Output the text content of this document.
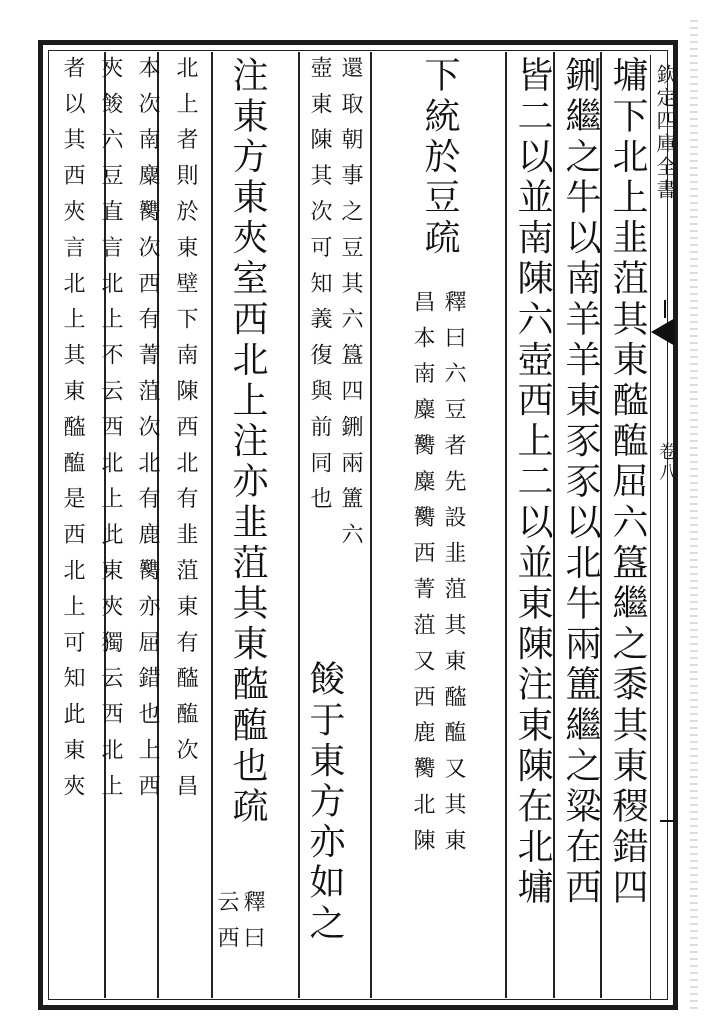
墉下北上韭菹其東醓醢屈六簋繼之黍其東稷錯四
鉶繼之牛以南羊羊東豕豕以北牛兩簠繼之粱在西
皆二以並南陳六壺西上二以並東陳注東陳在北墉
下統於豆疏
釋曰六豆者先設韭菹其東醓醢又其東
昌本南麋臡麋臡西菁菹又西鹿臡北陳
還取朝事之豆其六簋四鉶兩簠六
壺東陳其次可知義復與前同也
餕于東方亦如之
注東方東夾室西北上注亦韭菹其東醓醢也疏
釋曰
云西
北上者則於東壁下南陳西北有韭菹東有醓醢次昌
本次南麋臡次西有菁菹次北有鹿臡亦屈錯也上西
夾餕六豆直言北上不云西北上此東夾獨云西北上
者以其西夾言北上其東醓醢是西北上可知此東夾	欽定四庫全書
卷八
